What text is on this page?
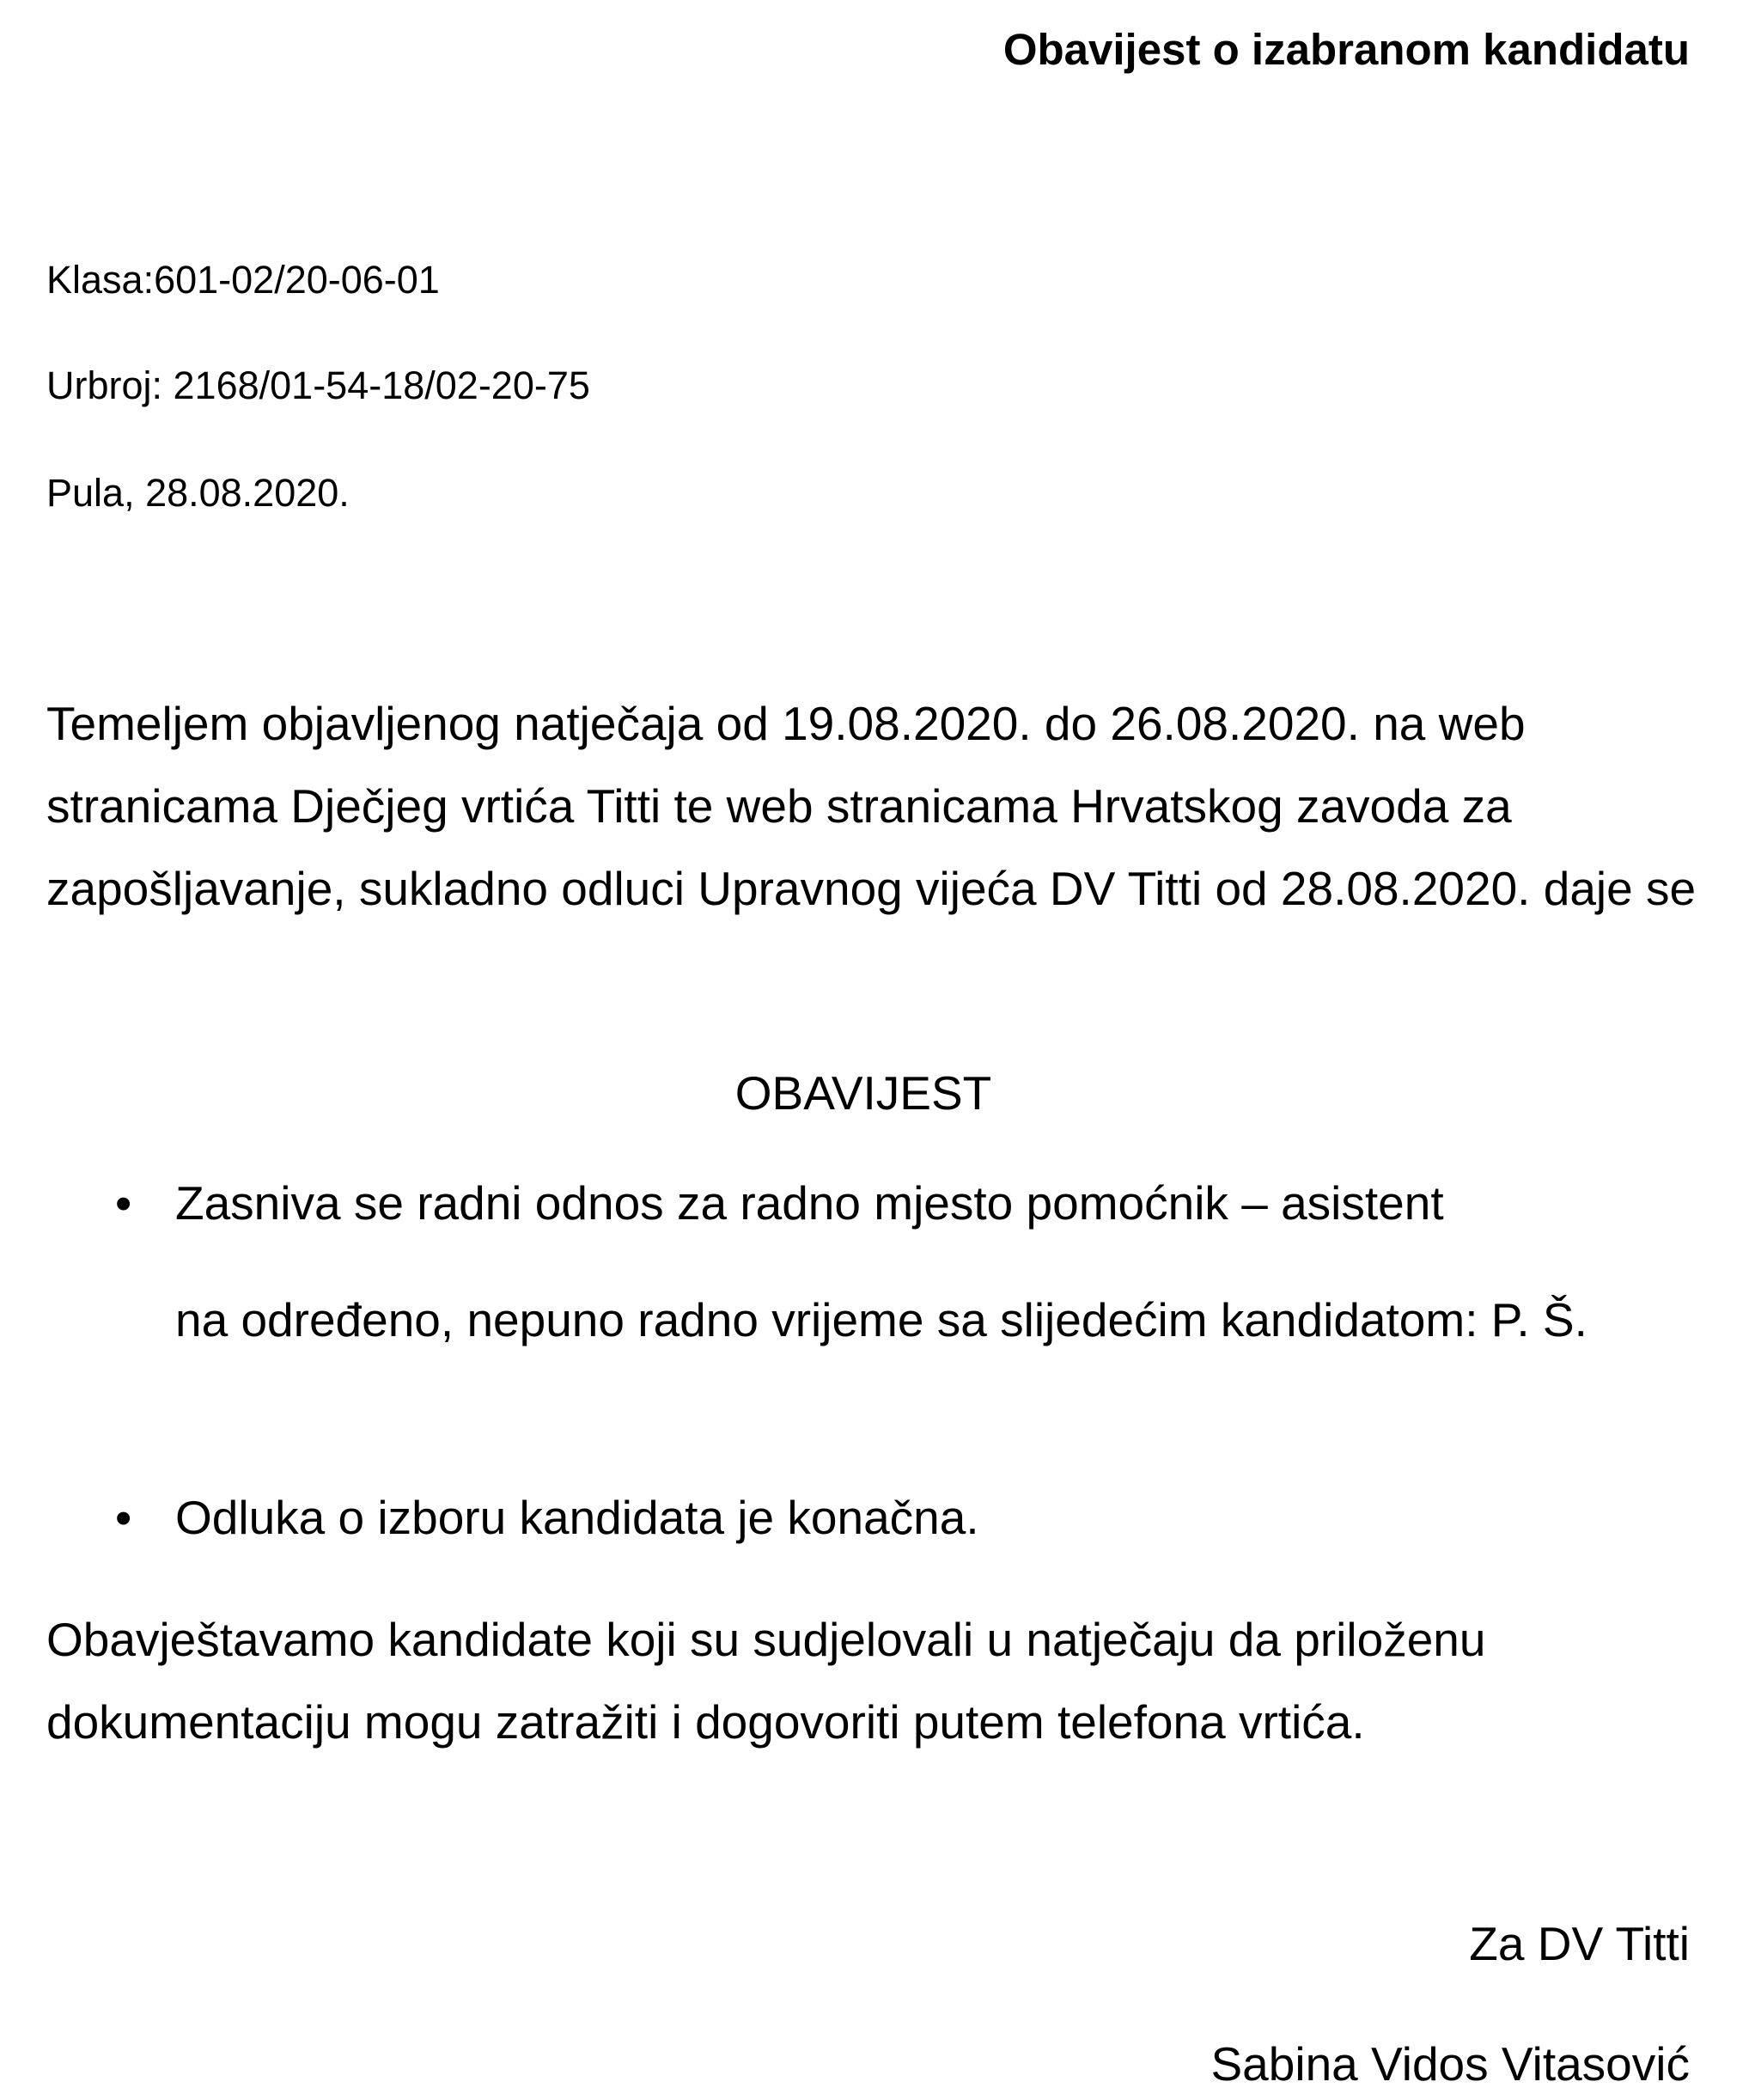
Obavijest o izabranom kandidatu
Klasa:601-02/20-06-01
Urbroj: 2168/01-54-18/02-20-75
Pula, 28.08.2020.
Temeljem objavljenog natječaja od 19.08.2020. do 26.08.2020. na web stranicama Dječjeg vrtića Titti te web stranicama Hrvatskog zavoda za zapošljavanje, sukladno odluci Upravnog vijeća DV Titti od 28.08.2020. daje se
OBAVIJEST
• Zasniva se radni odnos za radno mjesto pomoćnik – asistent
na određeno, nepuno radno vrijeme sa slijedećim kandidatom: P. Š.
• Odluka o izboru kandidata je konačna.
Obavještavamo kandidate koji su sudjelovali u natječaju da priloženu dokumentaciju mogu zatražiti i dogovoriti putem telefona vrtića.
Za DV Titti
Sabina Vidos Vitasović
